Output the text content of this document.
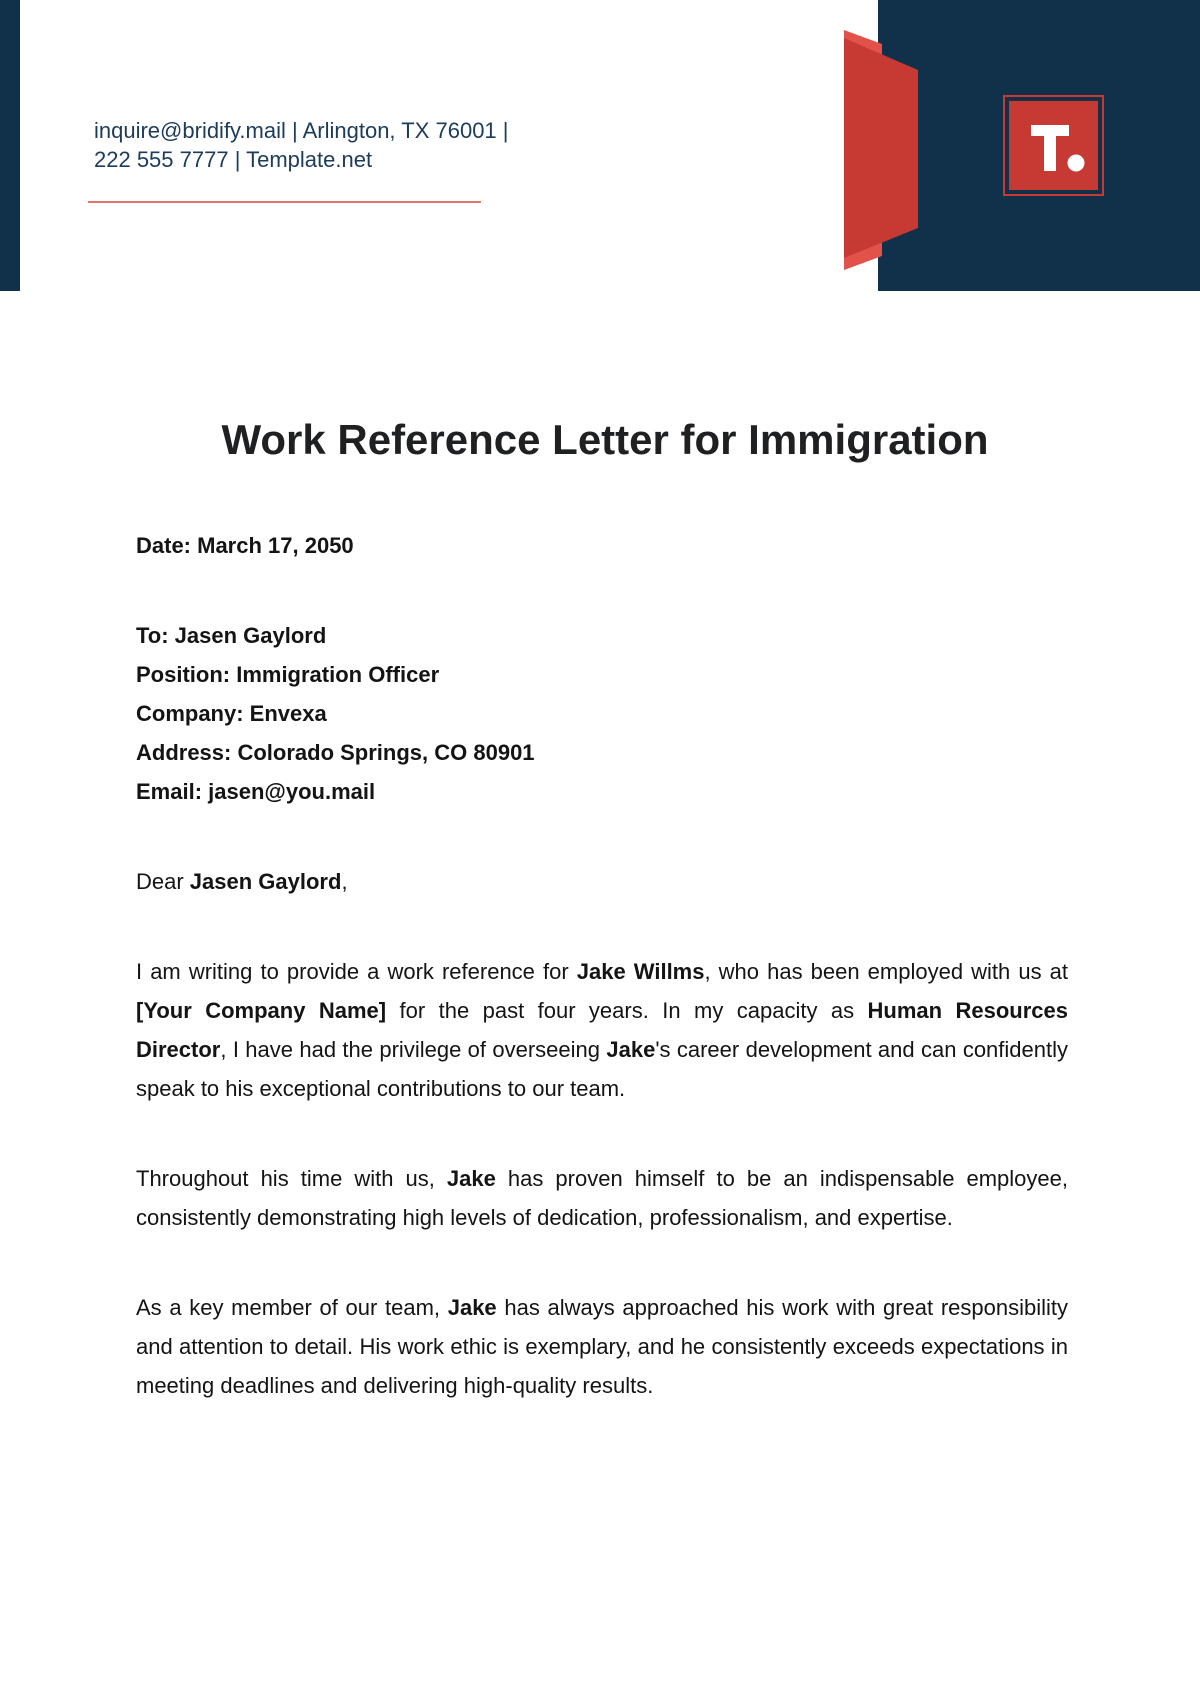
inquire@bridify.mail | Arlington, TX 76001 |
222 555 7777 | Template.net
Work Reference Letter for Immigration

Date: March 17, 2050

To: Jasen Gaylord
Position: Immigration Officer
Company: Envexa
Address: Colorado Springs, CO 80901
Email: jasen@you.mail

Dear Jasen Gaylord,

I am writing to provide a work reference for Jake Willms, who has been employed with us at [Your Company Name] for the past four years. In my capacity as Human Resources Director, I have had the privilege of overseeing Jake's career development and can confidently speak to his exceptional contributions to our team.

Throughout his time with us, Jake has proven himself to be an indispensable employee, consistently demonstrating high levels of dedication, professionalism, and expertise.

As a key member of our team, Jake has always approached his work with great responsibility and attention to detail. His work ethic is exemplary, and he consistently exceeds expectations in meeting deadlines and delivering high-quality results.
